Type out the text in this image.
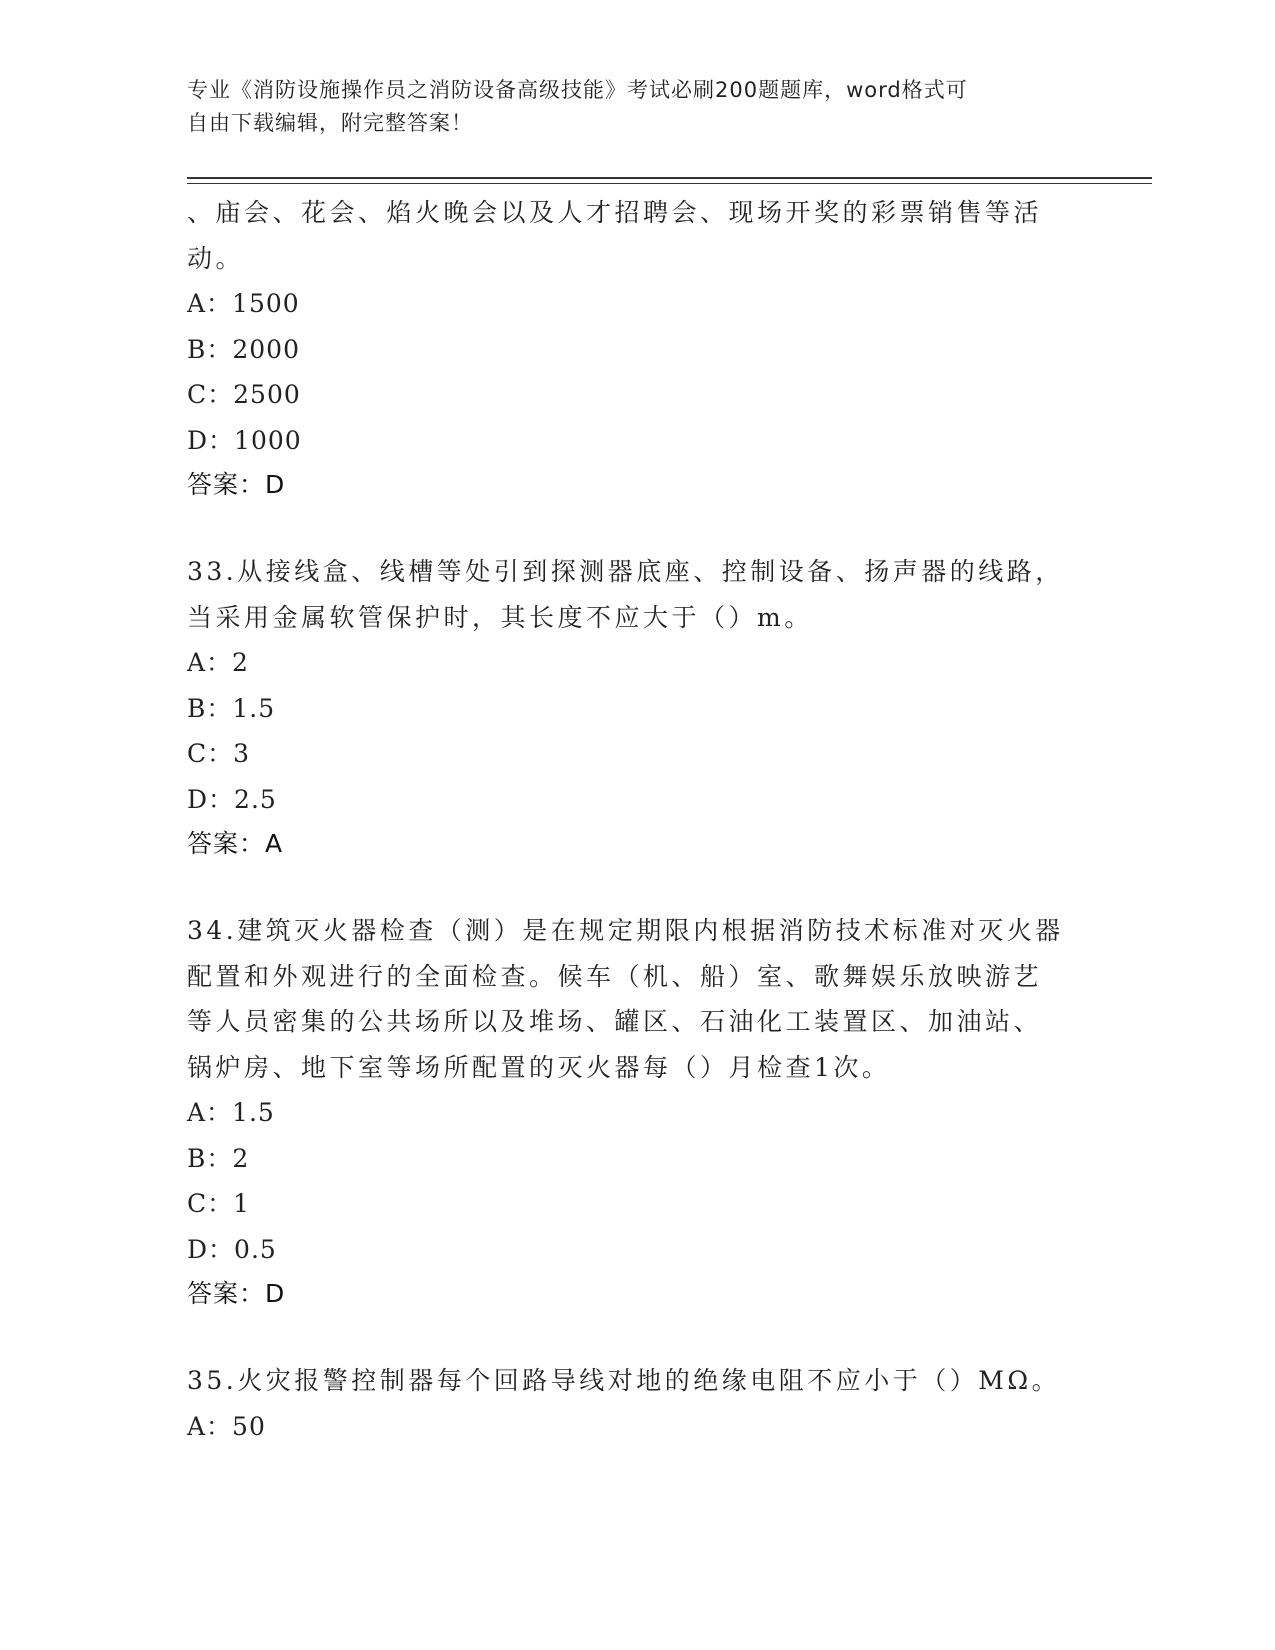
专业《消防设施操作员之消防设备高级技能》考试必刷200题题库，word格式可
自由下载编辑，附完整答案！
、庙会、花会、焰火晚会以及人才招聘会、现场开奖的彩票销售等活
动。
A：1500
B：2000
C：2500
D：1000
答案：D
33.从接线盒、线槽等处引到探测器底座、控制设备、扬声器的线路，
当采用金属软管保护时，其长度不应大于（）m。
A：2
B：1.5
C：3
D：2.5
答案：A
34.建筑灭火器检查（测）是在规定期限内根据消防技术标准对灭火器
配置和外观进行的全面检查。候车（机、船）室、歌舞娱乐放映游艺
等人员密集的公共场所以及堆场、罐区、石油化工装置区、加油站、
锅炉房、地下室等场所配置的灭火器每（）月检查1次。
A：1.5
B：2
C：1
D：0.5
答案：D
35.火灾报警控制器每个回路导线对地的绝缘电阻不应小于（）MΩ。
A：50
